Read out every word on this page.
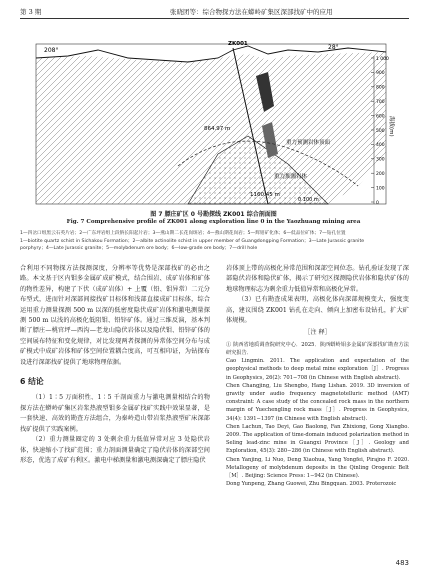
第 3 期	张晓团等：综合物探方法在蟒岭矿集区深部找矿中的应用
208°	28°
ZK001
864.97 m
1160.45 m
重力预测岩体顶面
重力推测岩体
0 100 m
1 000
900
800
700
600
500
400
300
200
100
0
海拔(m)
图 7 膘庄矿区 0 号勘探线 ZK001 综合剖面图
Fig. 7 Comprehensive profile of ZK001 along exploration line 0 in the Yaozhuang mining area
1—四岔口组黑云石英片岩；2—广东坪岩组上段钠长阳起片岩；3—燕山期二长花岗斑岩；4—燕山期花岗岩；5—辉钼矿化体；6—低品位矿体；7—钻孔位置
1—biotite quartz schist in Sichakou Formation；2—albite actinolite schist in upper member of Guangdongping Formation；3—Late Jurassic granite
porphyry；4—Late Jurassic granite；5—molybdenum ore body；6—low-grade ore body；7—drill hole

合利用不同物探方法探测深度，分辨率等优势是深部找矿的必由之路。本文基于区内钼多金属矿成矿模式，结合围岩、成矿岩体和矿体的物性差异，构建了下伏（成矿岩体）+ 上覆（铅、钼异常）二元分布型式，进而针对深部间接找矿目标体和浅部直接成矿目标体，综合运用重力测量探测 500 m 以深的低密度隐伏成矿岩体和激电测量探测 500 m 以浅的高极化低阻钼、铅锌矿体。通过三维反演，基本判断了膘庄—桃官坪—西沟—老龙山隐伏岩体以及隐伏钼、铅锌矿体的空间展布特征和变化规律，对比发现两者探测的异常体空间分布与成矿模式中成矿岩体和矿体空间位置耦合度高，可互相印证，为钻探布设进行深部找矿提供了地球物理依据。

6 结论

（1）1∶5 万面积性、1∶5 千剖面重力与激电测量相结合的物探方法在蟒岭矿集区岩浆热液型钼多金属矿找矿实践中效果显著，是一套快速、高效的勘查方法组合，为秦岭造山带岩浆热液型矿床深部找矿提供了实践案例。

（2）重力测量圈定的 3 处剩余重力低值异常对应 3 处隐伏岩体，快速缩小了找矿范围；重力剖面测量确定了隐伏岩体的深部空间形态，优选了成矿有利区。激电中梯测量和激电测深确定了膘庄隐伏

岩体顶上带的高极化异常范围和深部空间位态。钻孔验证发现了深部隐伏岩体和隐伏矿体，揭示了研究区探测隐伏岩体和隐伏矿体的地球物理标志为剩余重力低值异常和高极化异常。

（3）已有勘查成果表明，高极化体向深部规模变大，强度变高，建议围绕 ZK001 钻孔在走向、倾向上加密布设钻孔，扩大矿体规模。

［注 释］

① 陕西省地质调查院研究中心．2025．陕西蟒岭钼多金属矿深部找矿勘查方法研究报告．

Cao Lingmin. 2011. The application and expectation of the geophysical methods to deep metal mine exploration［J］. Progress in Geophysics, 26(2): 701−708 (in Chinese with English abstract).

Chen Changjing, Liu Shengbo, Hang Lishan. 2019. 3D inversion of gravity under audio frequency magnetotelluric method (AMT) constraint: A case study of the concealed rock mass in the northern margin of Yuechengling rock mass［J］. Progress in Geophysics, 34(4): 1391−1397 (in Chinese with English abstract).

Chen Lachun, Tao Deyi, Gao Baolong, Fan Zhixiong, Gong Xiangbo. 2009. The application of time-domain induced polarization method in Seling lead-zinc mine in Guangxi Province［J］. Geology and Exploration, 45(3): 280−286 (in Chinese with English abstract).

Chen Yanjing, Li Nuo, Deng Xiaohua, Yang Yongfei, Pirajno F. 2020. Metallogeny of molybdenum deposits in the Qinling Orogenic Belt［M］. Beijing: Science Press: 1−942 (in Chinese).

Dong Yunpeng, Zhang Guowei, Zhu Bingquan. 2003. Proterozoic

483
